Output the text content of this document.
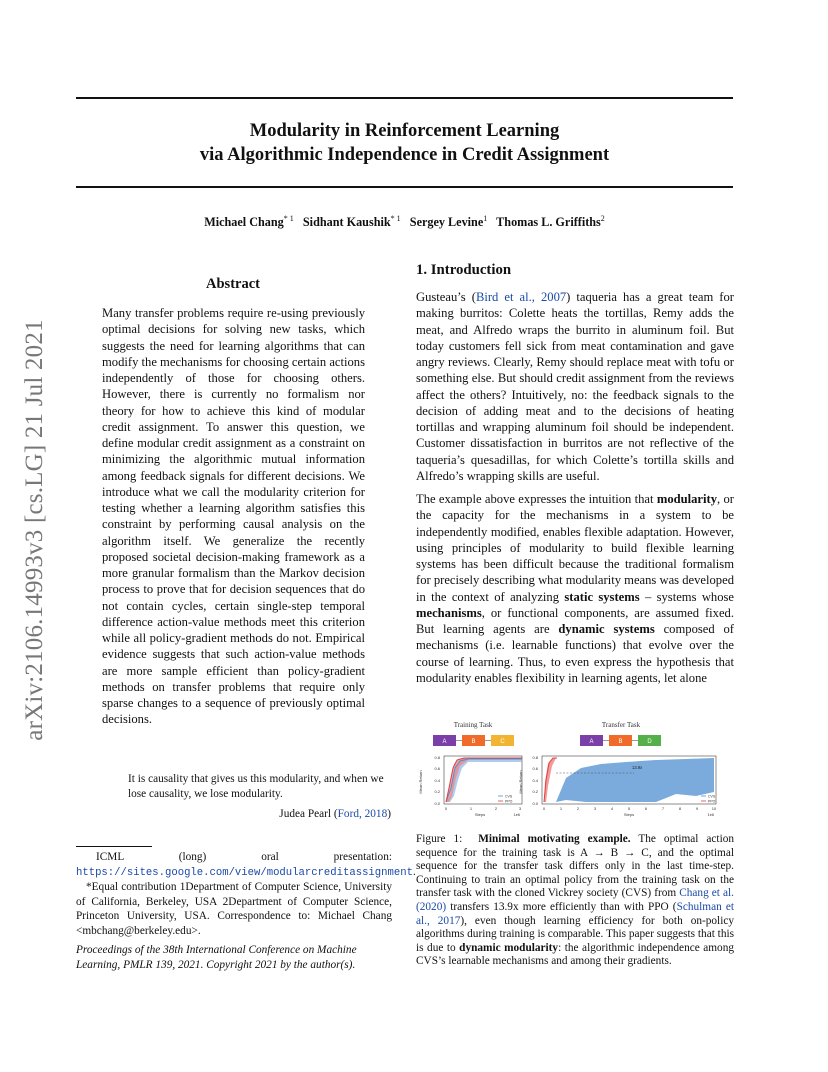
Modularity in Reinforcement Learning
via Algorithmic Independence in Credit Assignment
Michael Chang$^{* 1}$ Sidhant Kaushik$^{* 1}$ Sergey Levine$^1$ Thomas L. Griffiths$^2$
arXiv:2106.14993v3 [cs.LG] 21 Jul 2021
Abstract
Many transfer problems require re-using previously optimal decisions for solving new tasks, which suggests the need for learning algorithms that can modify the mechanisms for choosing certain actions independently of those for choosing others. However, there is currently no formalism nor theory for how to achieve this kind of modular credit assignment. To answer this question, we define modular credit assignment as a constraint on minimizing the algorithmic mutual information among feedback signals for different decisions. We introduce what we call the modularity criterion for testing whether a learning algorithm satisfies this constraint by performing causal analysis on the algorithm itself. We generalize the recently proposed societal decision-making framework as a more granular formalism than the Markov decision process to prove that for decision sequences that do not contain cycles, certain single-step temporal difference action-value methods meet this criterion while all policy-gradient methods do not. Empirical evidence suggests that such action-value methods are more sample efficient than policy-gradient methods on transfer problems that require only sparse changes to a sequence of previously optimal decisions.
It is causality that gives us this modularity, and when we lose causality, we lose modularity.
Judea Pearl (Ford, 2018)
ICML (long) oral presentation: https://sites.google.com/view/modularcreditassignment.
*Equal contribution 1Department of Computer Science, University of California, Berkeley, USA 2Department of Computer Science, Princeton University, USA. Correspondence to: Michael Chang <mbchang@berkeley.edu>.
Proceedings of the 38th International Conference on Machine Learning, PMLR 139, 2021. Copyright 2021 by the author(s).
1. Introduction
Gusteau’s (Bird et al., 2007) taqueria has a great team for making burritos: Colette heats the tortillas, Remy adds the meat, and Alfredo wraps the burrito in aluminum foil. But today customers fell sick from meat contamination and gave angry reviews. Clearly, Remy should replace meat with tofu or something else. But should credit assignment from the reviews affect the others? Intuitively, no: the feedback signals to the decision of adding meat and to the decisions of heating tortillas and wrapping aluminum foil should be independent. Customer dissatisfaction in burritos are not reflective of the taqueria’s quesadillas, for which Colette’s tortilla skills and Alfredo’s wrapping skills are useful.
The example above expresses the intuition that modularity, or the capacity for the mechanisms in a system to be independently modified, enables flexible adaptation. However, using principles of modularity to build flexible learning systems has been difficult because the traditional formalism for precisely describing what modularity means was developed in the context of analyzing static systems – systems whose mechanisms, or functional components, are assumed fixed. But learning agents are dynamic systems composed of mechanisms (i.e. learnable functions) that evolve over the course of learning. Thus, to even express the hypothesis that modularity enables flexibility in learning agents, let alone
Training Task	Transfer Task
A	B	C	A	B	D
Mean Return
0.8
0.6
0.4
0.2
0.0
CVS
PPO
0	1	2	3
Steps	1e6
Mean Return
0.8
0.6
0.4
0.2
0.0
13.9x
CVS
PPO
0	1	2	3	4	5	6	7	8	9	10
Steps	1e6
Figure 1: Minimal motivating example. The optimal action sequence for the training task is A → B → C, and the optimal sequence for the transfer task differs only in the last time-step. Continuing to train an optimal policy from the training task on the transfer task with the cloned Vickrey society (CVS) from Chang et al. (2020) transfers 13.9x more efficiently than with PPO (Schulman et al., 2017), even though learning efficiency for both on-policy algorithms during training is comparable. This paper suggests that this is due to dynamic modularity: the algorithmic independence among CVS’s learnable mechanisms and among their gradients.
